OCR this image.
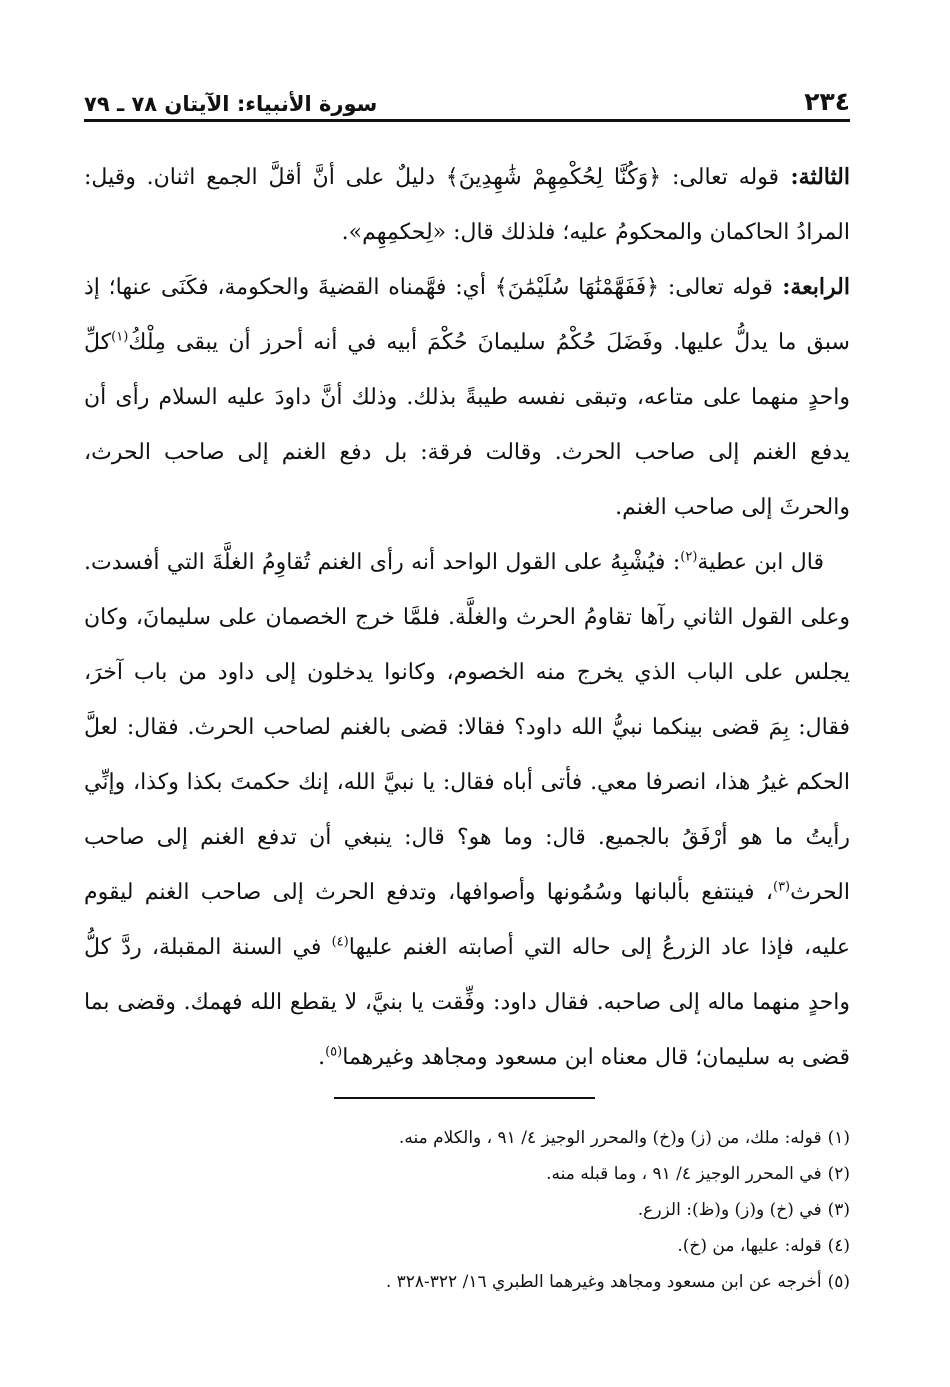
٢٣٤
سورة الأنبياء: الآيتان ٧٨ ـ ٧٩

الثالثة: قوله تعالى: ﴿وَكُنَّا لِحُكْمِهِمْ شَٰهِدِينَ﴾ دليلٌ على أنَّ أقلَّ الجمع اثنان. وقيل: المرادُ الحاكمان والمحكومُ عليه؛ فلذلك قال: «لِحكمِهِم».

الرابعة: قوله تعالى: ﴿فَفَهَّمْنَٰهَا سُلَيْمَٰنَ﴾ أي: فهَّمناه القضيةَ والحكومة، فكَنَى عنها؛ إذ سبق ما يدلُّ عليها. وفَضَلَ حُكْمُ سليمانَ حُكْمَ أبيه في أنه أحرز أن يبقى مِلْكُ$^{(١)}$كلِّ واحدٍ منهما على متاعه، وتبقى نفسه طيبةً بذلك. وذلك أنَّ داودَ عليه السلام رأى أن يدفع الغنم إلى صاحب الحرث. وقالت فرقة: بل دفع الغنم إلى صاحب الحرث، والحرثَ إلى صاحب الغنم.

قال ابن عطية$^{(٢)}$: فيُشْبِهُ على القول الواحد أنه رأى الغنم تُقاوِمُ الغلَّةَ التي أفسدت. وعلى القول الثاني رآها تقاومُ الحرث والغلَّة. فلمَّا خرج الخصمان على سليمانَ، وكان يجلس على الباب الذي يخرج منه الخصوم، وكانوا يدخلون إلى داود من باب آخرَ، فقال: بِمَ قضى بينكما نبيُّ الله داود؟ فقالا: قضى بالغنم لصاحب الحرث. فقال: لعلَّ الحكم غيرُ هذا، انصرفا معي. فأتى أباه فقال: يا نبيَّ الله، إنك حكمتَ بكذا وكذا، وإنِّي رأيتُ ما هو أرْفَقُ بالجميع. قال: وما هو؟ قال: ينبغي أن تدفع الغنم إلى صاحب الحرث$^{(٣)}$، فينتفع بألبانها وسُمُونها وأصوافها، وتدفع الحرث إلى صاحب الغنم ليقوم عليه، فإذا عاد الزرعُ إلى حاله التي أصابته الغنم عليها$^{(٤)}$ في السنة المقبلة، ردَّ كلُّ واحدٍ منهما ماله إلى صاحبه. فقال داود: وفِّقت يا بنيَّ، لا يقطع الله فهمك. وقضى بما قضى به سليمان؛ قال معناه ابن مسعود ومجاهد وغيرهما$^{(٥)}$.

(١)قوله: ملك، من (ز) و(خ) والمحرر الوجيز ٤/ ٩١ ، والكلام منه.

(٢)في المحرر الوجيز ٤/ ٩١ ، وما قبله منه.

(٣)في (خ) و(ز) و(ظ): الزرع.

(٤)قوله: عليها، من (خ).

(٥)أخرجه عن ابن مسعود ومجاهد وغيرهما الطبري ١٦/ ٣٢٢-٣٢٨ .
